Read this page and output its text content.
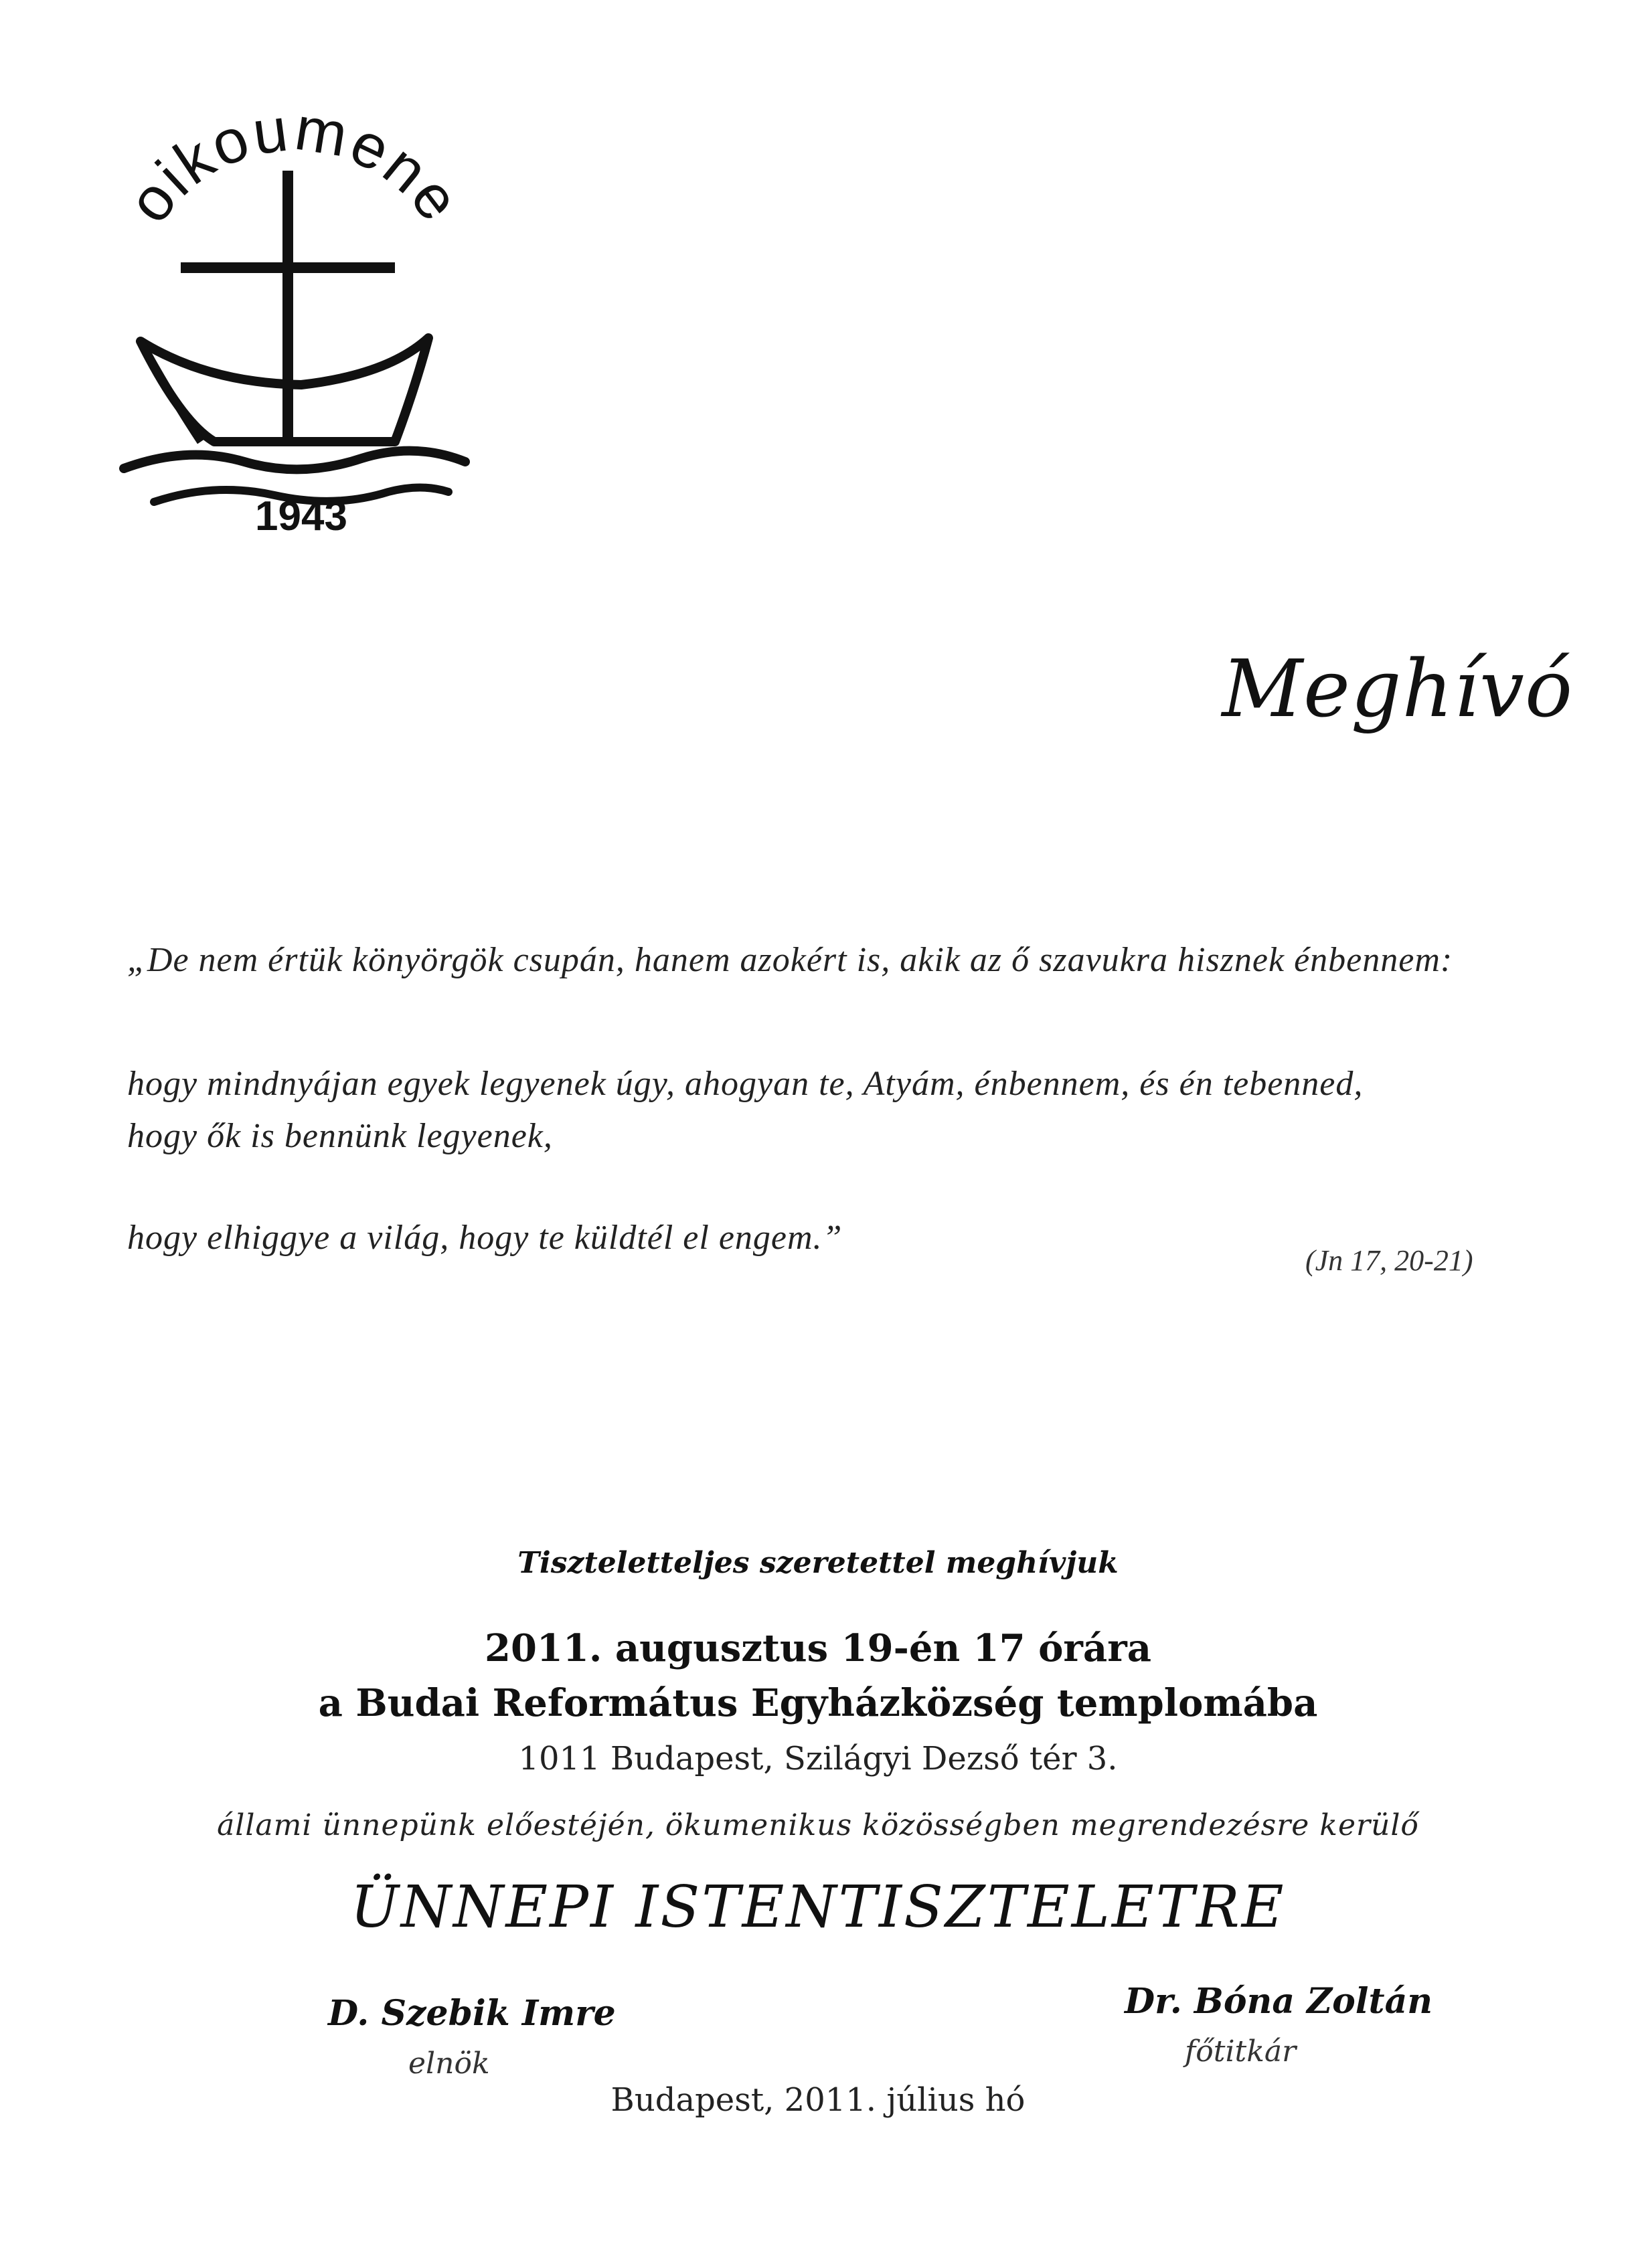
oikoumene
1943
Meghívó
„De nem értük könyörgök csupán, hanem azokért is, akik az ő szavukra hisznek énbennem:
hogy mindnyájan egyek legyenek úgy, ahogyan te, Atyám, énbennem, és én tebenned,
hogy ők is bennünk legyenek,
hogy elhiggye a világ, hogy te küldtél el engem.”
(Jn 17, 20-21)
Tiszteletteljes szeretettel meghívjuk
2011. augusztus 19-én 17 órára
a Budai Református Egyházközség templomába
1011 Budapest, Szilágyi Dezső tér 3.
állami ünnepünk előestéjén, ökumenikus közösségben megrendezésre kerülő
ÜNNEPI ISTENTISZTELETRE
D. Szebik Imre
elnök
Dr. Bóna Zoltán
főtitkár
Budapest, 2011. július hó
